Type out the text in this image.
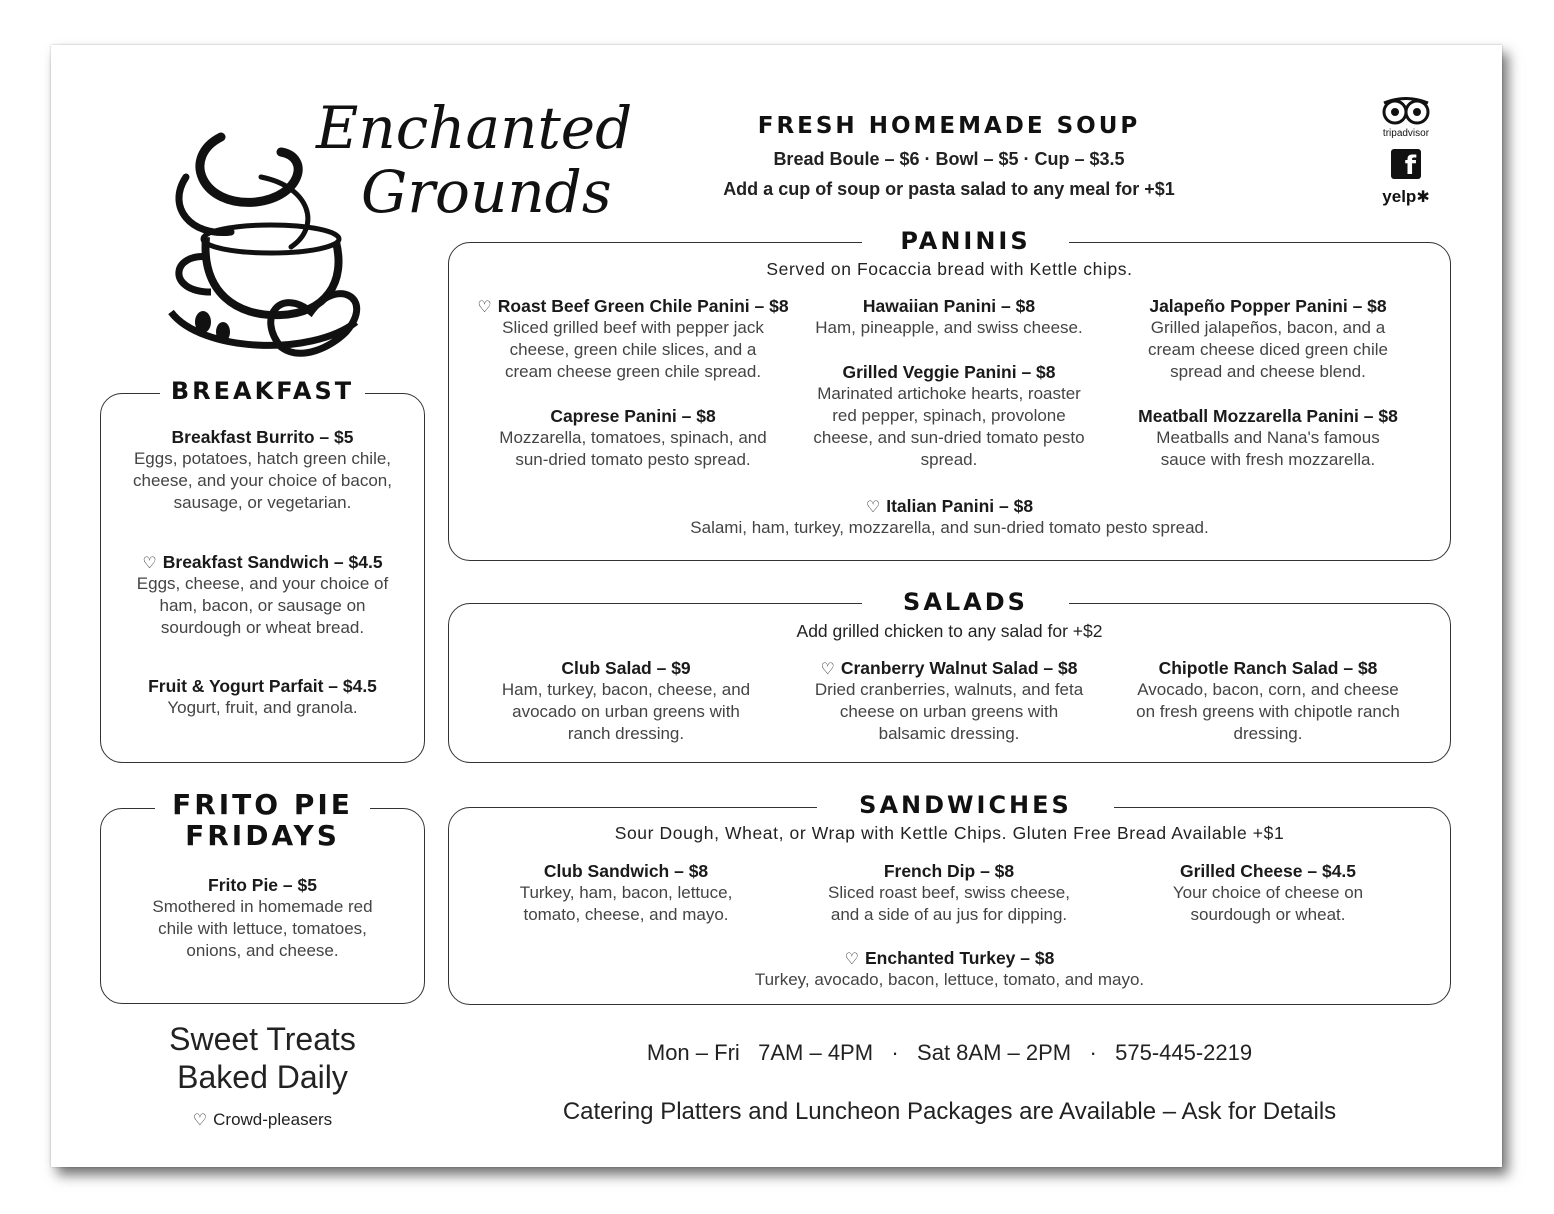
Enchanted
Grounds
FRESH HOMEMADE SOUP
Bread Boule – $6 · Bowl – $5 · Cup – $3.5
Add a cup of soup or pasta salad to any meal for +$1
tripadvisor
f
yelp✱
BREAKFAST
Breakfast Burrito – $5
Eggs, potatoes, hatch green chile, cheese, and your choice of bacon, sausage, or vegetarian.
♡ Breakfast Sandwich – $4.5
Eggs, cheese, and your choice of ham, bacon, or sausage on sourdough or wheat bread.
Fruit & Yogurt Parfait – $4.5
Yogurt, fruit, and granola.
FRITO PIE FRIDAYS
Frito Pie – $5
Smothered in homemade red chile with lettuce, tomatoes, onions, and cheese.
Sweet Treats
Baked Daily
♡ Crowd-pleasers
PANINIS
Served on Focaccia bread with Kettle chips.
♡ Roast Beef Green Chile Panini – $8
Sliced grilled beef with pepper jack cheese, green chile slices, and a cream cheese green chile spread.
Hawaiian Panini – $8
Ham, pineapple, and swiss cheese.
Jalapeño Popper Panini – $8
Grilled jalapeños, bacon, and a cream cheese diced green chile spread and cheese blend.
Caprese Panini – $8
Mozzarella, tomatoes, spinach, and sun-dried tomato pesto spread.
Grilled Veggie Panini – $8
Marinated artichoke hearts, roaster red pepper, spinach, provolone cheese, and sun-dried tomato pesto spread.
Meatball Mozzarella Panini – $8
Meatballs and Nana's famous sauce with fresh mozzarella.
♡ Italian Panini – $8
Salami, ham, turkey, mozzarella, and sun-dried tomato pesto spread.
SALADS
Add grilled chicken to any salad for +$2
Club Salad – $9
Ham, turkey, bacon, cheese, and avocado on urban greens with ranch dressing.
♡ Cranberry Walnut Salad – $8
Dried cranberries, walnuts, and feta cheese on urban greens with balsamic dressing.
Chipotle Ranch Salad – $8
Avocado, bacon, corn, and cheese on fresh greens with chipotle ranch dressing.
SANDWICHES
Sour Dough, Wheat, or Wrap with Kettle Chips. Gluten Free Bread Available +$1
Club Sandwich – $8
Turkey, ham, bacon, lettuce, tomato, cheese, and mayo.
French Dip – $8
Sliced roast beef, swiss cheese, and a side of au jus for dipping.
Grilled Cheese – $4.5
Your choice of cheese on sourdough or wheat.
♡ Enchanted Turkey – $8
Turkey, avocado, bacon, lettuce, tomato, and mayo.
Mon – Fri   7AM – 4PM   ·   Sat 8AM – 2PM   ·   575-445-2219
Catering Platters and Luncheon Packages are Available – Ask for Details
